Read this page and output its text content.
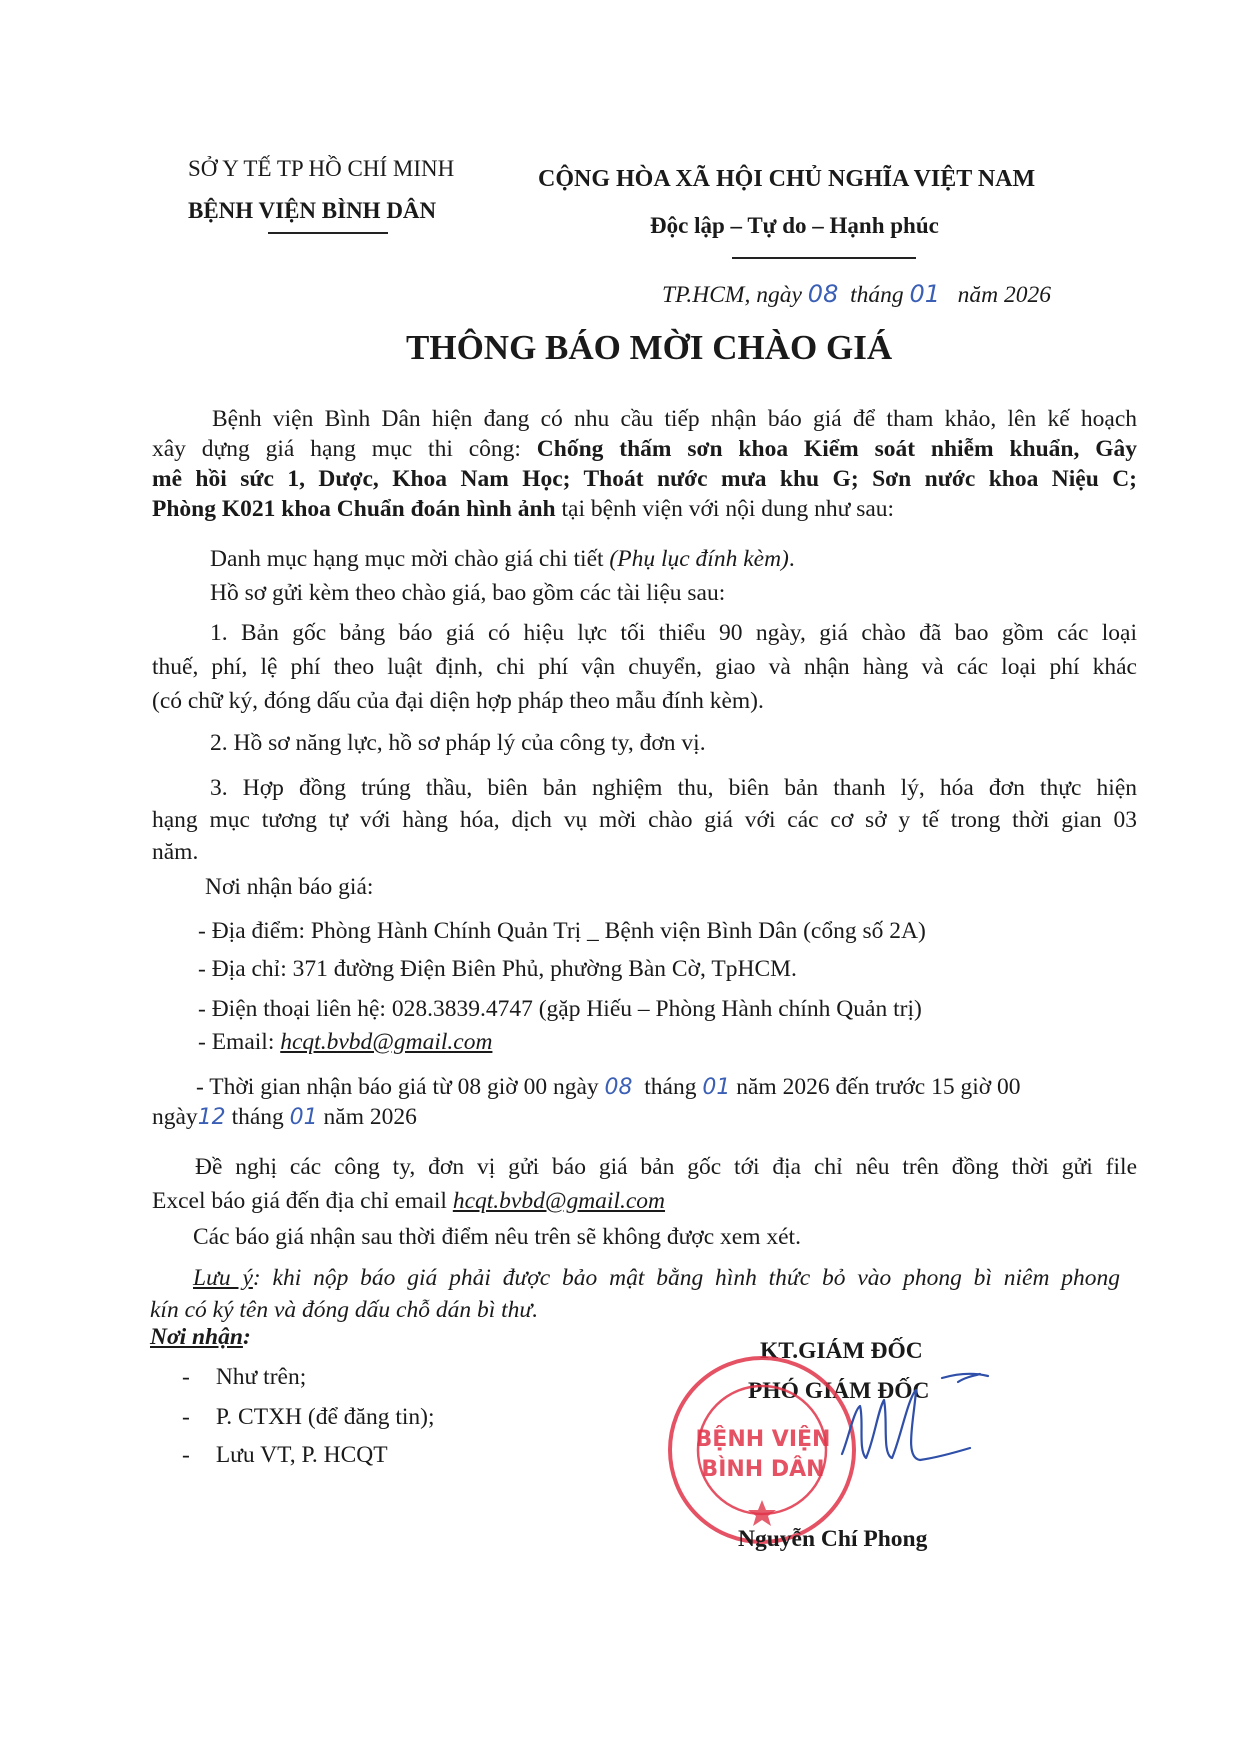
SỞ Y TẾ TP HỒ CHÍ MINH
BỆNH VIỆN BÌNH DÂN
CỘNG HÒA XÃ HỘI CHỦ NGHĨA VIỆT NAM
Độc lập – Tự do – Hạnh phúc
TP.HCM, ngày 08 tháng 01 năm 2026
THÔNG BÁO MỜI CHÀO GIÁ
Bệnh viện Bình Dân hiện đang có nhu cầu tiếp nhận báo giá để tham khảo, lên kế hoạch
xây dựng giá hạng mục thi công: Chống thấm sơn khoa Kiểm soát nhiễm khuẩn, Gây
mê hồi sức 1, Dược, Khoa Nam Học; Thoát nước mưa khu G; Sơn nước khoa Niệu C;
Phòng K021 khoa Chuẩn đoán hình ảnh tại bệnh viện với nội dung như sau:
Danh mục hạng mục mời chào giá chi tiết (Phụ lục đính kèm).
Hồ sơ gửi kèm theo chào giá, bao gồm các tài liệu sau:
1. Bản gốc bảng báo giá có hiệu lực tối thiểu 90 ngày, giá chào đã bao gồm các loại
thuế, phí, lệ phí theo luật định, chi phí vận chuyển, giao và nhận hàng và các loại phí khác
(có chữ ký, đóng dấu của đại diện hợp pháp theo mẫu đính kèm).
2. Hồ sơ năng lực, hồ sơ pháp lý của công ty, đơn vị.
3. Hợp đồng trúng thầu, biên bản nghiệm thu, biên bản thanh lý, hóa đơn thực hiện
hạng mục tương tự với hàng hóa, dịch vụ mời chào giá với các cơ sở y tế trong thời gian 03
năm.
Nơi nhận báo giá:
- Địa điểm: Phòng Hành Chính Quản Trị _ Bệnh viện Bình Dân (cổng số 2A)
- Địa chỉ: 371 đường Điện Biên Phủ, phường Bàn Cờ, TpHCM.
- Điện thoại liên hệ: 028.3839.4747 (gặp Hiếu – Phòng Hành chính Quản trị)
- Email: hcqt.bvbd@gmail.com
- Thời gian nhận báo giá từ 08 giờ 00 ngày 08 tháng 01 năm 2026 đến trước 15 giờ 00
ngày12 tháng 01 năm 2026
Đề nghị các công ty, đơn vị gửi báo giá bản gốc tới địa chỉ nêu trên đồng thời gửi file
Excel báo giá đến địa chỉ email hcqt.bvbd@gmail.com
Các báo giá nhận sau thời điểm nêu trên sẽ không được xem xét.
Lưu ý: khi nộp báo giá phải được bảo mật bằng hình thức bỏ vào phong bì niêm phong
kín có ký tên và đóng dấu chỗ dán bì thư.
Nơi nhận:
- Như trên;
- P. CTXH (để đăng tin);
- Lưu VT, P. HCQT
KT.GIÁM ĐỐC
PHÓ GIÁM ĐỐC
BỆNH VIỆN
BÌNH DÂN
Nguyễn Chí Phong
